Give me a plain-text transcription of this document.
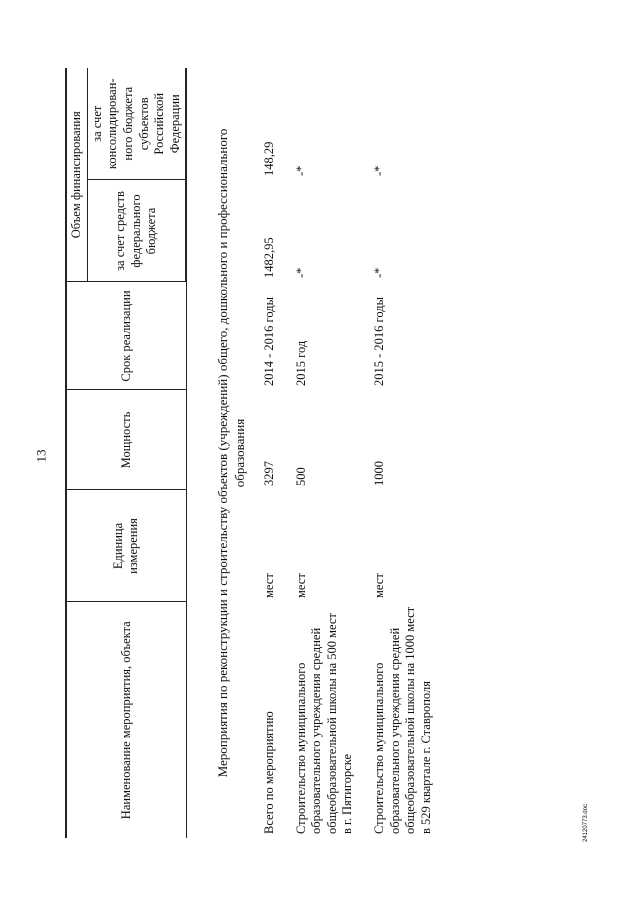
13
Наименование мероприятия, объекта	Единица измерения	Мощность	Срок реализации	Объем финансирования	
				за счет средств федерального бюджета	за счет консолидирован-ного бюджета субъектов Российской Федерации
Мероприятия по реконструкции и строительству объектов (учреждений) общего, дошкольного и профессионального образования					
Всего по мероприятию	мест	3297	2014 - 2016 годы	1482,95	148,29
Строительство муниципального образовательного учреждения средней общеобразовательной школы на 500 мест в г. Пятигорске	мест	500	2015 год	-*	-*
Строительство муниципального образовательного учреждения средней общеобразовательной школы на 1000 мест в 529 квартале г. Ставрополя	мест	1000	2015 - 2016 годы	-*	-*
24120773.doc
